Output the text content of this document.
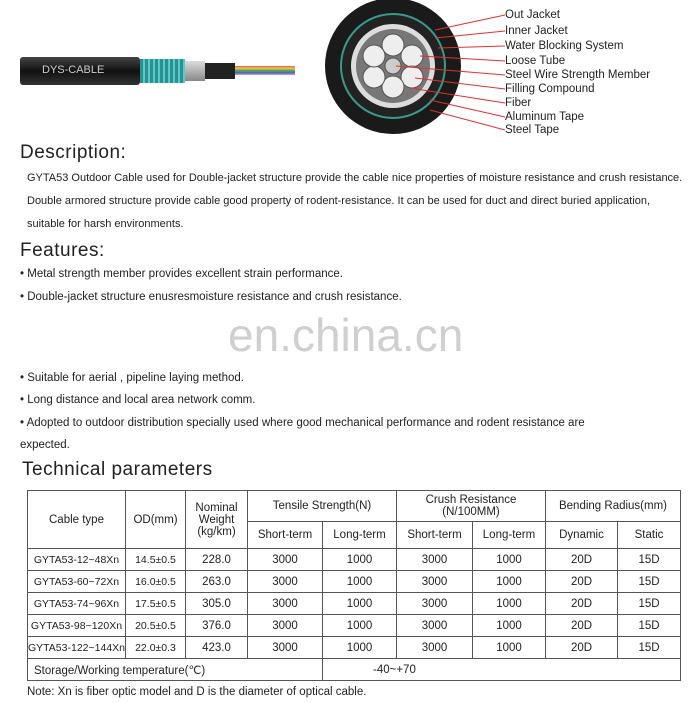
DYS-CABLE
Out Jacket
Inner Jacket
Water Blocking System
Loose Tube
Steel Wire Strength Member
Filling Compound
Fiber
Aluminum Tape
Steel Tape
Description:
GYTA53 Outdoor Cable used for Double-jacket structure provide the cable nice properties of moisture resistance and crush resistance. Double armored structure provide cable good property of rodent-resistance. It can be used for duct and direct buried application, suitable for harsh environments.
Features:
• Metal strength member provides excellent strain performance.
• Double-jacket structure enusresmoisture resistance and crush resistance.
en.china.cn
• Suitable for aerial , pipeline laying method.
• Long distance and local area network comm.
• Adopted to outdoor distribution specially used where good mechanical performance and rodent resistance are expected.
Technical parameters
Cable type	OD(mm)	Nominal Weight (kg/km)	Tensile Strength(N)		Crush Resistance (N/100MM)		Bending Radius(mm)	
			Short-term	Long-term	Short-term	Long-term	Dynamic	Static
GYTA53-12~48Xn	14.5±0.5	228.0	3000	1000	3000	1000	20D	15D
GYTA53-60~72Xn	16.0±0.5	263.0	3000	1000	3000	1000	20D	15D
GYTA53-74~96Xn	17.5±0.5	305.0	3000	1000	3000	1000	20D	15D
GYTA53-98~120Xn	20.5±0.5	376.0	3000	1000	3000	1000	20D	15D
GYTA53-122~144Xn	22.0±0.3	423.0	3000	1000	3000	1000	20D	15D
Storage/Working temperature(℃)				-40~+70				
Note: Xn is fiber optic model and D is the diameter of optical cable.
